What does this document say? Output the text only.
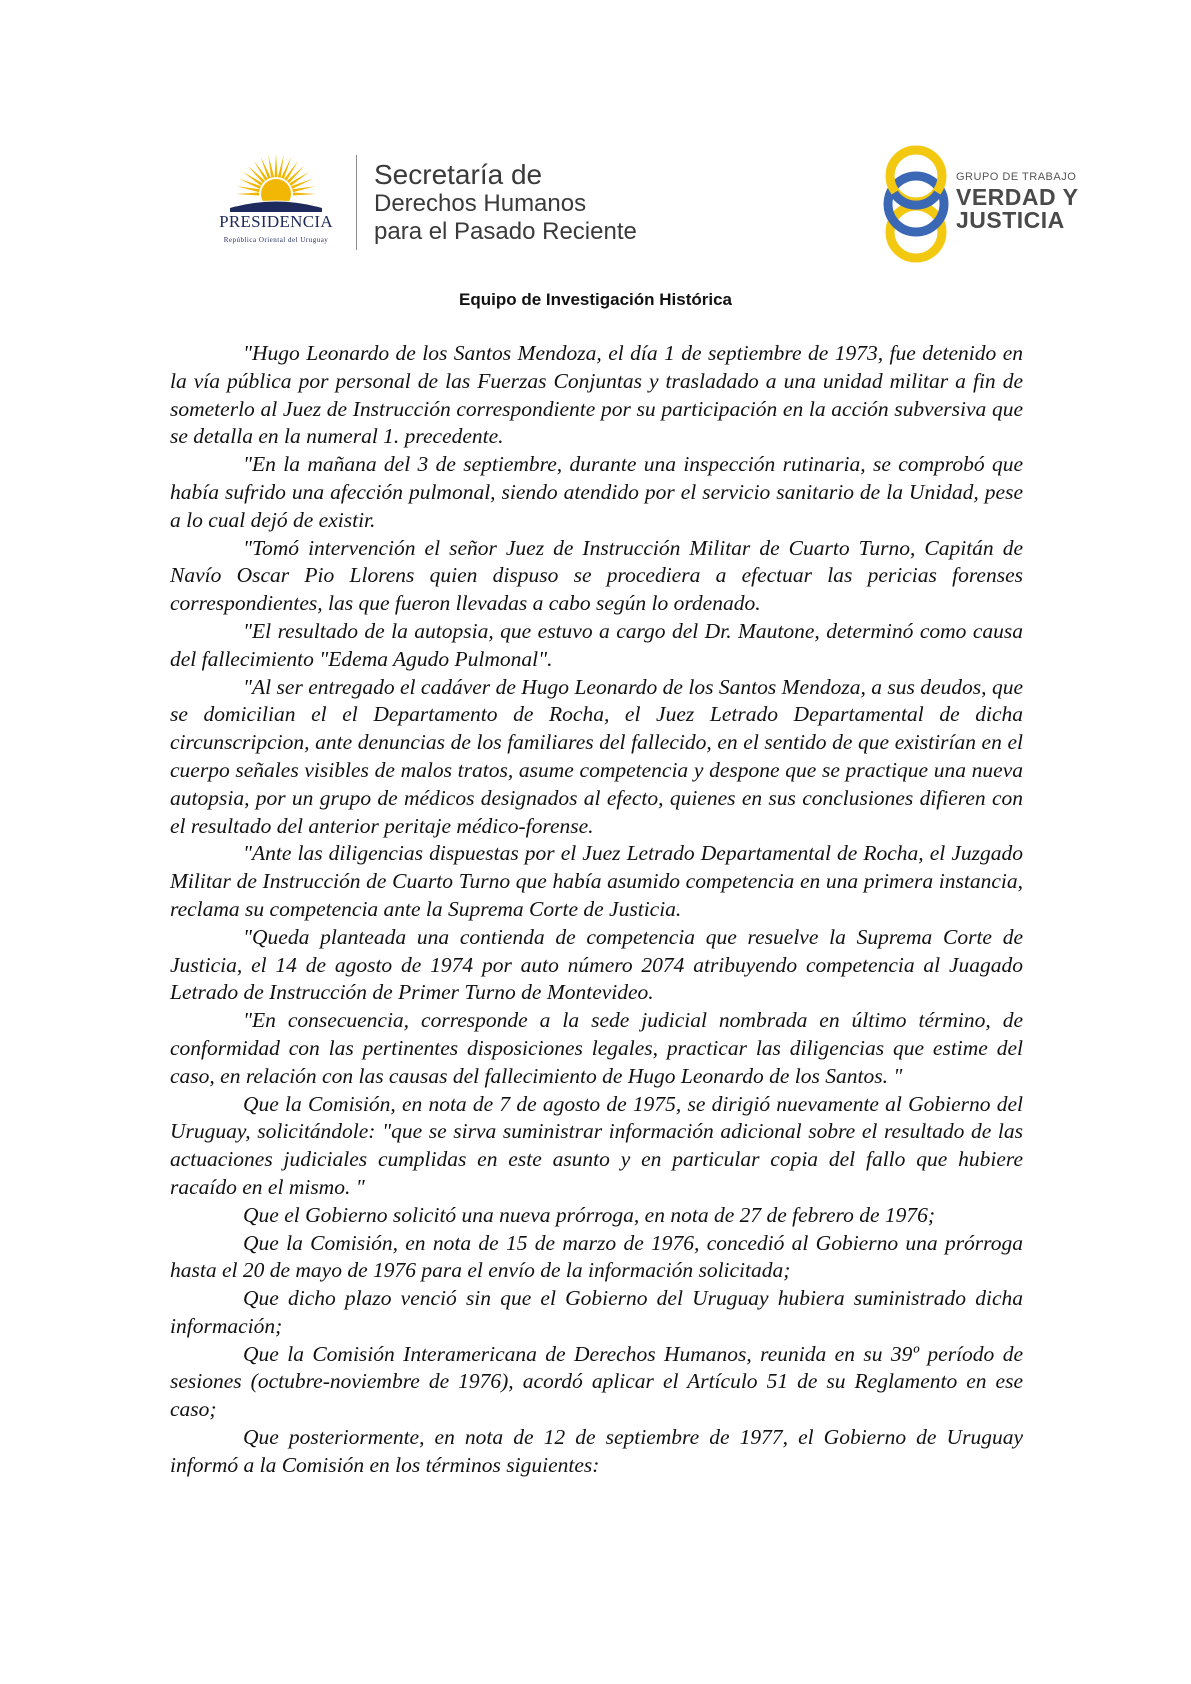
PRESIDENCIA
República Oriental del Uruguay
Secretaría de
Derechos Humanos
para el Pasado Reciente
GRUPO DE TRABAJO
VERDAD Y
JUSTICIA
Equipo de Investigación Histórica

"Hugo Leonardo de los Santos Mendoza, el día 1 de septiembre de 1973, fue detenido en la vía pública por personal de las Fuerzas Conjuntas y trasladado a una unidad militar a fin de someterlo al Juez de Instrucción correspondiente por su participación en la acción subversiva que se detalla en la numeral 1. precedente.

"En la mañana del 3 de septiembre, durante una inspección rutinaria, se comprobó que había sufrido una afección pulmonal, siendo atendido por el servicio sanitario de la Unidad, pese a lo cual dejó de existir.

"Tomó intervención el señor Juez de Instrucción Militar de Cuarto Turno, Capitán de Navío Oscar Pio Llorens quien dispuso se procediera a efectuar las pericias forenses correspondientes, las que fueron llevadas a cabo según lo ordenado.

"El resultado de la autopsia, que estuvo a cargo del Dr. Mautone, determinó como causa del fallecimiento "Edema Agudo Pulmonal".

"Al ser entregado el cadáver de Hugo Leonardo de los Santos Mendoza, a sus deudos, que se domicilian el el Departamento de Rocha, el Juez Letrado Departamental de dicha circunscripcion, ante denuncias de los familiares del fallecido, en el sentido de que existirían en el cuerpo señales visibles de malos tratos, asume competencia y despone que se practique una nueva autopsia, por un grupo de médicos designados al efecto, quienes en sus conclusiones difieren con el resultado del anterior peritaje médico-forense.

"Ante las diligencias dispuestas por el Juez Letrado Departamental de Rocha, el Juzgado Militar de Instrucción de Cuarto Turno que había asumido competencia en una primera instancia, reclama su competencia ante la Suprema Corte de Justicia.

"Queda planteada una contienda de competencia que resuelve la Suprema Corte de Justicia, el 14 de agosto de 1974 por auto número 2074 atribuyendo competencia al Juagado Letrado de Instrucción de Primer Turno de Montevideo.

"En consecuencia, corresponde a la sede judicial nombrada en último término, de conformidad con las pertinentes disposiciones legales, practicar las diligencias que estime del caso, en relación con las causas del fallecimiento de Hugo Leonardo de los Santos. "

Que la Comisión, en nota de 7 de agosto de 1975, se dirigió nuevamente al Gobierno del Uruguay, solicitándole: "que se sirva suministrar información adicional sobre el resultado de las actuaciones judiciales cumplidas en este asunto y en particular copia del fallo que hubiere racaído en el mismo. "

Que el Gobierno solicitó una nueva prórroga, en nota de 27 de febrero de 1976;

Que la Comisión, en nota de 15 de marzo de 1976, concedió al Gobierno una prórroga hasta el 20 de mayo de 1976 para el envío de la información solicitada;

Que dicho plazo venció sin que el Gobierno del Uruguay hubiera suministrado dicha información;

Que la Comisión Interamericana de Derechos Humanos, reunida en su 39º período de sesiones (octubre-noviembre de 1976), acordó aplicar el Artículo 51 de su Reglamento en ese caso;

Que posteriormente, en nota de 12 de septiembre de 1977, el Gobierno de Uruguay informó a la Comisión en los términos siguientes:
